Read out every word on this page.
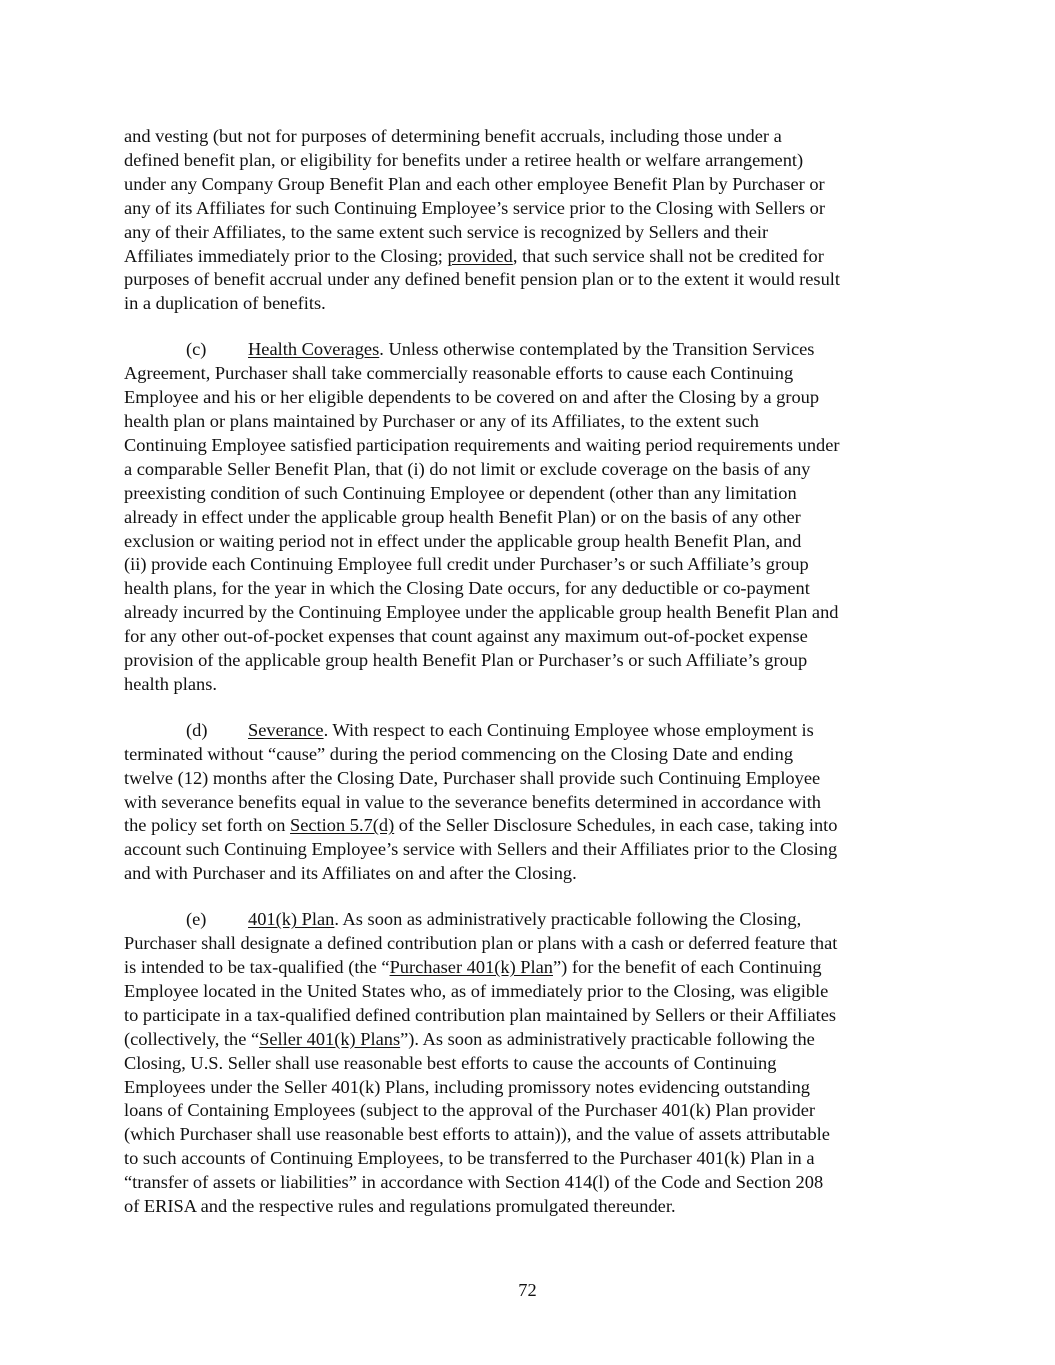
and vesting (but not for purposes of determining benefit accruals, including those under a
defined benefit plan, or eligibility for benefits under a retiree health or welfare arrangement)
under any Company Group Benefit Plan and each other employee Benefit Plan by Purchaser or
any of its Affiliates for such Continuing Employee’s service prior to the Closing with Sellers or
any of their Affiliates, to the same extent such service is recognized by Sellers and their
Affiliates immediately prior to the Closing; provided, that such service shall not be credited for
purposes of benefit accrual under any defined benefit pension plan or to the extent it would result
in a duplication of benefits.

(c) Health Coverages. Unless otherwise contemplated by the Transition Services
Agreement, Purchaser shall take commercially reasonable efforts to cause each Continuing
Employee and his or her eligible dependents to be covered on and after the Closing by a group
health plan or plans maintained by Purchaser or any of its Affiliates, to the extent such
Continuing Employee satisfied participation requirements and waiting period requirements under
a comparable Seller Benefit Plan, that (i) do not limit or exclude coverage on the basis of any
preexisting condition of such Continuing Employee or dependent (other than any limitation
already in effect under the applicable group health Benefit Plan) or on the basis of any other
exclusion or waiting period not in effect under the applicable group health Benefit Plan, and
(ii) provide each Continuing Employee full credit under Purchaser’s or such Affiliate’s group
health plans, for the year in which the Closing Date occurs, for any deductible or co-payment
already incurred by the Continuing Employee under the applicable group health Benefit Plan and
for any other out-of-pocket expenses that count against any maximum out-of-pocket expense
provision of the applicable group health Benefit Plan or Purchaser’s or such Affiliate’s group
health plans.

(d) Severance. With respect to each Continuing Employee whose employment is
terminated without “cause” during the period commencing on the Closing Date and ending
twelve (12) months after the Closing Date, Purchaser shall provide such Continuing Employee
with severance benefits equal in value to the severance benefits determined in accordance with
the policy set forth on Section 5.7(d) of the Seller Disclosure Schedules, in each case, taking into
account such Continuing Employee’s service with Sellers and their Affiliates prior to the Closing
and with Purchaser and its Affiliates on and after the Closing.

(e) 401(k) Plan. As soon as administratively practicable following the Closing,
Purchaser shall designate a defined contribution plan or plans with a cash or deferred feature that
is intended to be tax-qualified (the “Purchaser 401(k) Plan”) for the benefit of each Continuing
Employee located in the United States who, as of immediately prior to the Closing, was eligible
to participate in a tax-qualified defined contribution plan maintained by Sellers or their Affiliates
(collectively, the “Seller 401(k) Plans”). As soon as administratively practicable following the
Closing, U.S. Seller shall use reasonable best efforts to cause the accounts of Continuing
Employees under the Seller 401(k) Plans, including promissory notes evidencing outstanding
loans of Containing Employees (subject to the approval of the Purchaser 401(k) Plan provider
(which Purchaser shall use reasonable best efforts to attain)), and the value of assets attributable
to such accounts of Continuing Employees, to be transferred to the Purchaser 401(k) Plan in a
“transfer of assets or liabilities” in accordance with Section 414(l) of the Code and Section 208
of ERISA and the respective rules and regulations promulgated thereunder.

72
